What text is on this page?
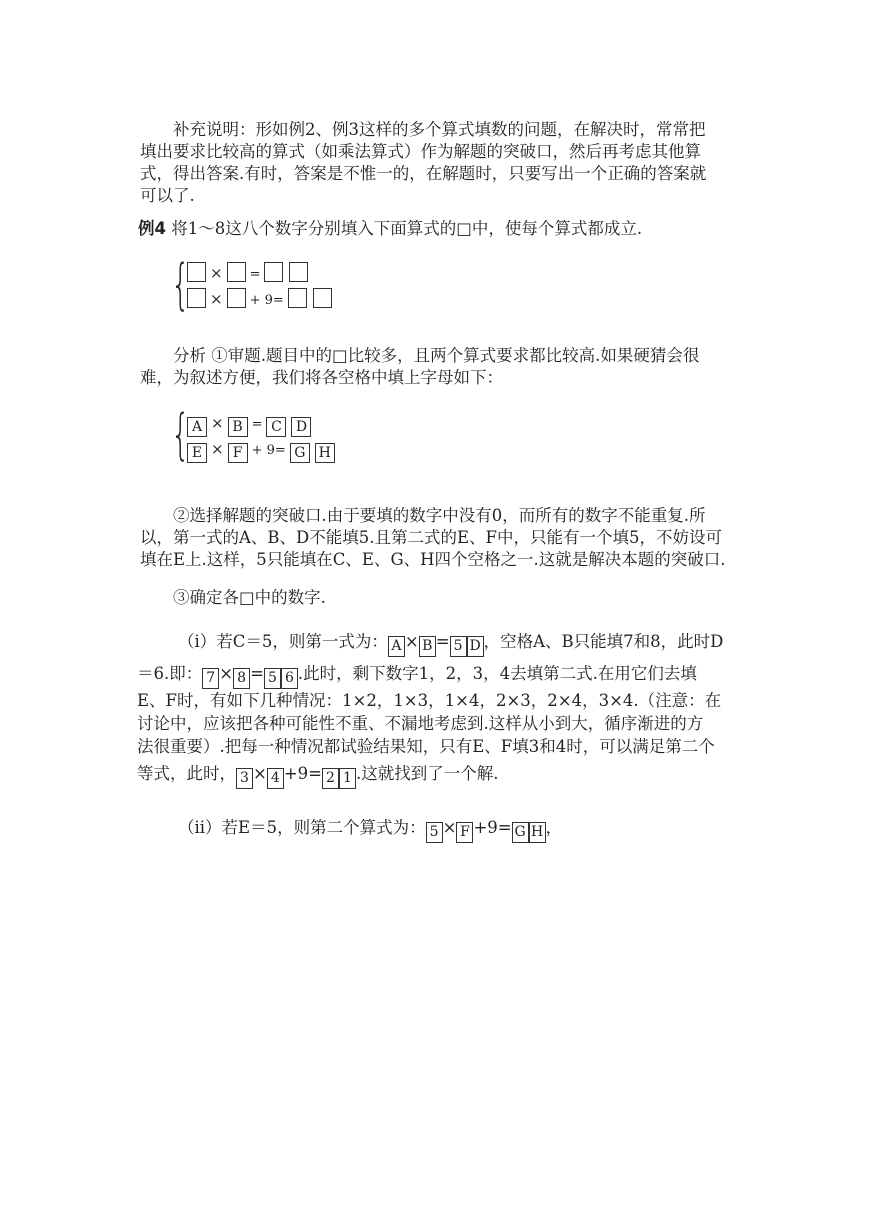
补充说明：形如例2、例3这样的多个算式填数的问题，在解决时，常常把
填出要求比较高的算式（如乘法算式）作为解题的突破口，然后再考虑其他算
式，得出答案.有时，答案是不惟一的，在解题时，只要写出一个正确的答案就
可以了.
例4 将1～8这八个数字分别填入下面算式的□中，使每个算式都成立.
{	× =
× + 9=
分析 ①审题.题目中的□比较多，且两个算式要求都比较高.如果硬猜会很
难，为叙述方便，我们将各空格中填上字母如下：
{ A × B = C D
E × F + 9= G H
②选择解题的突破口.由于要填的数字中没有0，而所有的数字不能重复.所
以，第一式的A、B、D不能填5.且第二式的E、F中，只能有一个填5，不妨设可
填在E上.这样，5只能填在C、E、G、H四个空格之一.这就是解决本题的突破口.
③确定各□中的数字.
（i）若C＝5，则第一式为： A × B = 5 D ，空格A、B只能填7和8，此时D
＝6.即： 7 × 8 = 5 6 .此时，剩下数字1，2，3，4去填第二式.在用它们去填
E、F时，有如下几种情况：1×2，1×3，1×4，2×3，2×4，3×4.（注意：在
讨论中，应该把各种可能性不重、不漏地考虑到.这样从小到大，循序渐进的方
法很重要）.把每一种情况都试验结果知，只有E、F填3和4时，可以满足第二个
等式，此时， 3 × 4 +9= 2 1 .这就找到了一个解.
（ii）若E＝5，则第二个算式为： 5 × F +9= G H ，
